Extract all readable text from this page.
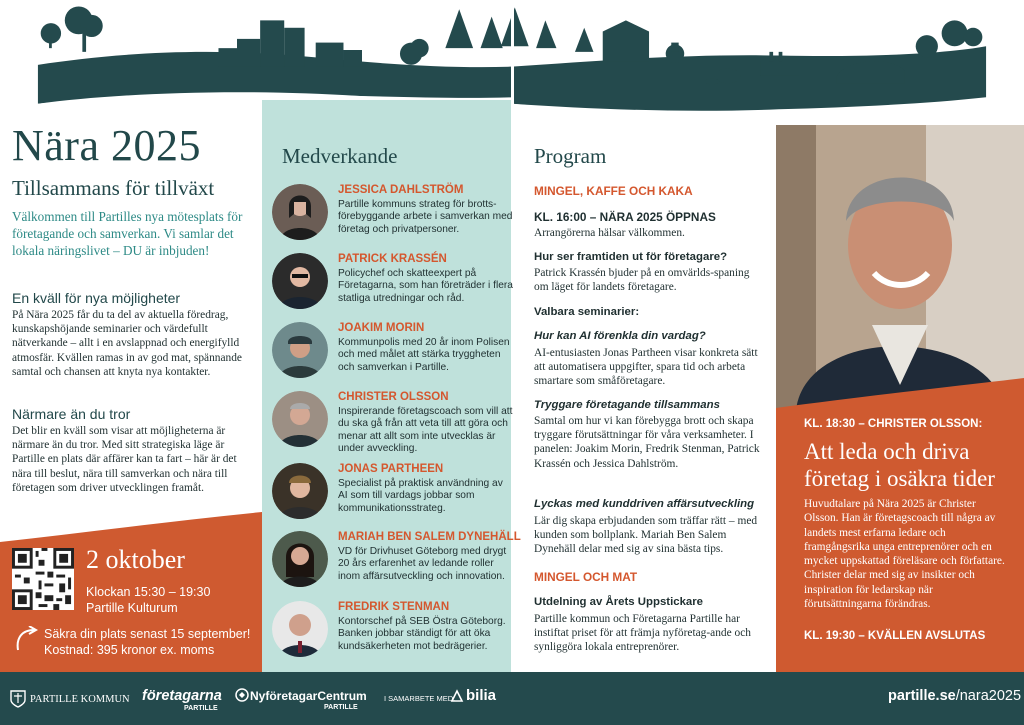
Nära 2025
Tillsammans för tillväxt
Välkommen till Partilles nya mötesplats för företagande och samverkan. Vi samlar det lokala näringslivet – DU är inbjuden!
En kväll för nya möjligheter
På Nära 2025 får du ta del av aktuella föredrag, kunskapshöjande seminarier och värdefullt nätverkande – allt i en avslappnad och energifylld atmosfär. Kvällen ramas in av god mat, spännande samtal och chansen att knyta nya kontakter.
Närmare än du tror
Det blir en kväll som visar att möjligheterna är närmare än du tror. Med sitt strategiska läge är Partille en plats där affärer kan ta fart – här är det nära till beslut, nära till samverkan och nära till företagen som driver utvecklingen framåt.
2 oktober
Klockan 15:30 – 19:30
Partille Kulturum
Säkra din plats senast 15 september!
Kostnad: 395 kronor ex. moms
Medverkande
JESSICA DAHLSTRÖM
Partille kommuns strateg för brotts-förebyggande arbete i samverkan med företag och privatpersoner.
PATRICK KRASSÉN
Policychef och skatteexpert på Företagarna, som han företräder i flera statliga utredningar och råd.
JOAKIM MORIN
Kommunpolis med 20 år inom Polisen och med målet att stärka tryggheten och samverkan i Partille.
CHRISTER OLSSON
Inspirerande företagscoach som vill att du ska gå från att veta till att göra och menar att allt som inte utvecklas är under avveckling.
JONAS PARTHEEN
Specialist på praktisk användning av AI som till vardags jobbar som kommunikationsstrateg.
MARIAH BEN SALEM DYNEHÄLL
VD för Drivhuset Göteborg med drygt 20 års erfarenhet av ledande roller inom affärsutveckling och innovation.
FREDRIK STENMAN
Kontorschef på SEB Östra Göteborg. Banken jobbar ständigt för att öka kundsäkerheten mot bedrägerier.
Program
MINGEL, KAFFE OCH KAKA
KL. 16:00 – NÄRA 2025 ÖPPNAS
Arrangörerna hälsar välkommen.
Hur ser framtiden ut för företagare?
Patrick Krassén bjuder på en omvärlds-spaning om läget för landets företagare.
Valbara seminarier:
Hur kan AI förenkla din vardag?
AI-entusiasten Jonas Partheen visar konkreta sätt att automatisera uppgifter, spara tid och arbeta smartare som småföretagare.
Tryggare företagande tillsammans
Samtal om hur vi kan förebygga brott och skapa tryggare förutsättningar för våra verksamheter. I panelen: Joakim Morin, Fredrik Stenman, Patrick Krassén och Jessica Dahlström.
Lyckas med kunddriven affärsutveckling
Lär dig skapa erbjudanden som träffar rätt – med kunden som bollplank. Mariah Ben Salem Dynehäll delar med sig av sina bästa tips.
MINGEL OCH MAT
Utdelning av Årets Uppstickare
Partille kommun och Företagarna Partille har instiftat priset för att främja nyföretag-ande och synliggöra lokala entreprenörer.
KL. 18:30 – CHRISTER OLSSON:
Att leda och driva företag i osäkra tider
Huvudtalare på Nära 2025 är Christer Olsson. Han är företagscoach till några av landets mest erfarna ledare och framgångsrika unga entreprenörer och en mycket uppskattad föreläsare och författare. Christer delar med sig av insikter och inspiration för ledarskap när förutsättningarna förändras.
KL. 19:30 – KVÄLLEN AVSLUTAS
PARTILLE KOMMUN företagarna
PARTILLE
NyföretagarCentrum
PARTILLE
I SAMARBETE MED: bilia	partille.se/nara2025
